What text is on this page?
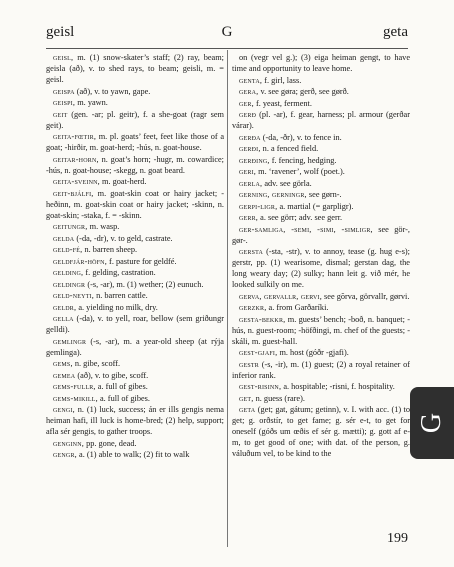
geisl	G	geta

geisl, m. (1) snow-skater’s staff; (2) ray, beam; geisla (að), v. to shed rays, to beam; geisli, m. = geisl.

geispa (að), v. to yawn, gape.

geispi, m. yawn.

geit (gen. -ar; pl. geitr), f. a she-goat (ragr sem geit).

geita-fœtir, m. pl. goats’ feet, feet like those of a goat; -hirðir, m. goat-herd; -hús, n. goat-house.

geitar-horn, n. goat’s horn; -hugr, m. cowardice; -hús, n. goat-house; -skegg, n. goat beard.

geita-sveinn, m. goat-herd.

geit-bjálfi, m. goat-skin coat or hairy jacket; -heðinn, m. goat-skin coat or hairy jacket; -skinn, n. goat-skin; -staka, f. = -skinn.

geitungr, m. wasp.

gelda (-da, -dr), v. to geld, castrate.

geld-fé, n. barren sheep.

geldfjár-höfn, f. pasture for geldfé.

gelding, f. gelding, castration.

geldingr (-s, -ar), m. (1) wether; (2) eunuch.

geld-neyti, n. barren cattle.

geldr, a. yielding no milk, dry.

gella (-da), v. to yell, roar, bellow (sem griðungr gelldi).

gemlingr (-s, -ar), m. a year-old sheep (at rýja gemlinga).

gems, n. gibe, scoff.

gemea (að), v. to gibe, scoff.

gems-fullr, a. full of gibes.

gems-mikill, a. full of gibes.

gengi, n. (1) luck, success; án er ills gengis nema heiman hafi, ill luck is home-bred; (2) help, support; afla sér gengis, to gather troops.

genginn, pp. gone, dead.

gengr, a. (1) able to walk; (2) fit to walk

on (vegr vel g.); (3) eiga heiman gengt, to have time and opportunity to leave home.

genta, f. girl, lass.

gera, v. see gøra; gerð, see gørð.

ger, f. yeast, ferment.

gerð (pl. -ar), f. gear, harness; pl. armour (gerðar várar).

gerða (-da, -ðr), v. to fence in.

gerði, n. a fenced field.

gerðing, f. fencing, hedging.

geri, m. ‘ravener’, wolf (poet.).

gerla, adv. see görla.

gerning, gerningr, see gørn-.

gerpi-ligr, a. martial (= garpligr).

gerr, a. see görr; adv. see gerr.

ger-samliga, -semi, -simi, -simligr, see gör-, gør-.

gersta (-sta, -str), v. to annoy, tease (g. hug e-s); gerstr, pp. (1) wearisome, dismal; gerstan dag, the long weary day; (2) sulky; hann leit g. við mér, he looked sulkily on me.

gerva, gervallr, gervi, see gõrva, görvallr, gørvi.

gerzkr, a. from Garðaríki.

gesta-bekkr, m. guests’ bench; -boð, n. banquet; -hús, n. guest-room; -höfðingi, m. chef of the guests; -skáli, m. guest-hall.

gest-gjafi, m. host (góðr -gjafi).

gestr (-s, -ir), m. (1) guest; (2) a royal retainer of inferior rank.

gest-risinn, a. hospitable; -risni, f. hospitality.

get, n. guess (rare).

geta (get; gat, gátum; getinn), v. I. with acc. (1) to get; g. orðstír, to get fame; g. sér e-t, to get for oneself (góðs um œðis ef sér g. mætti); g. gott af e-m, to get good of one; with dat. of the person, g. váluðum vel, to be kind to the

G
199
